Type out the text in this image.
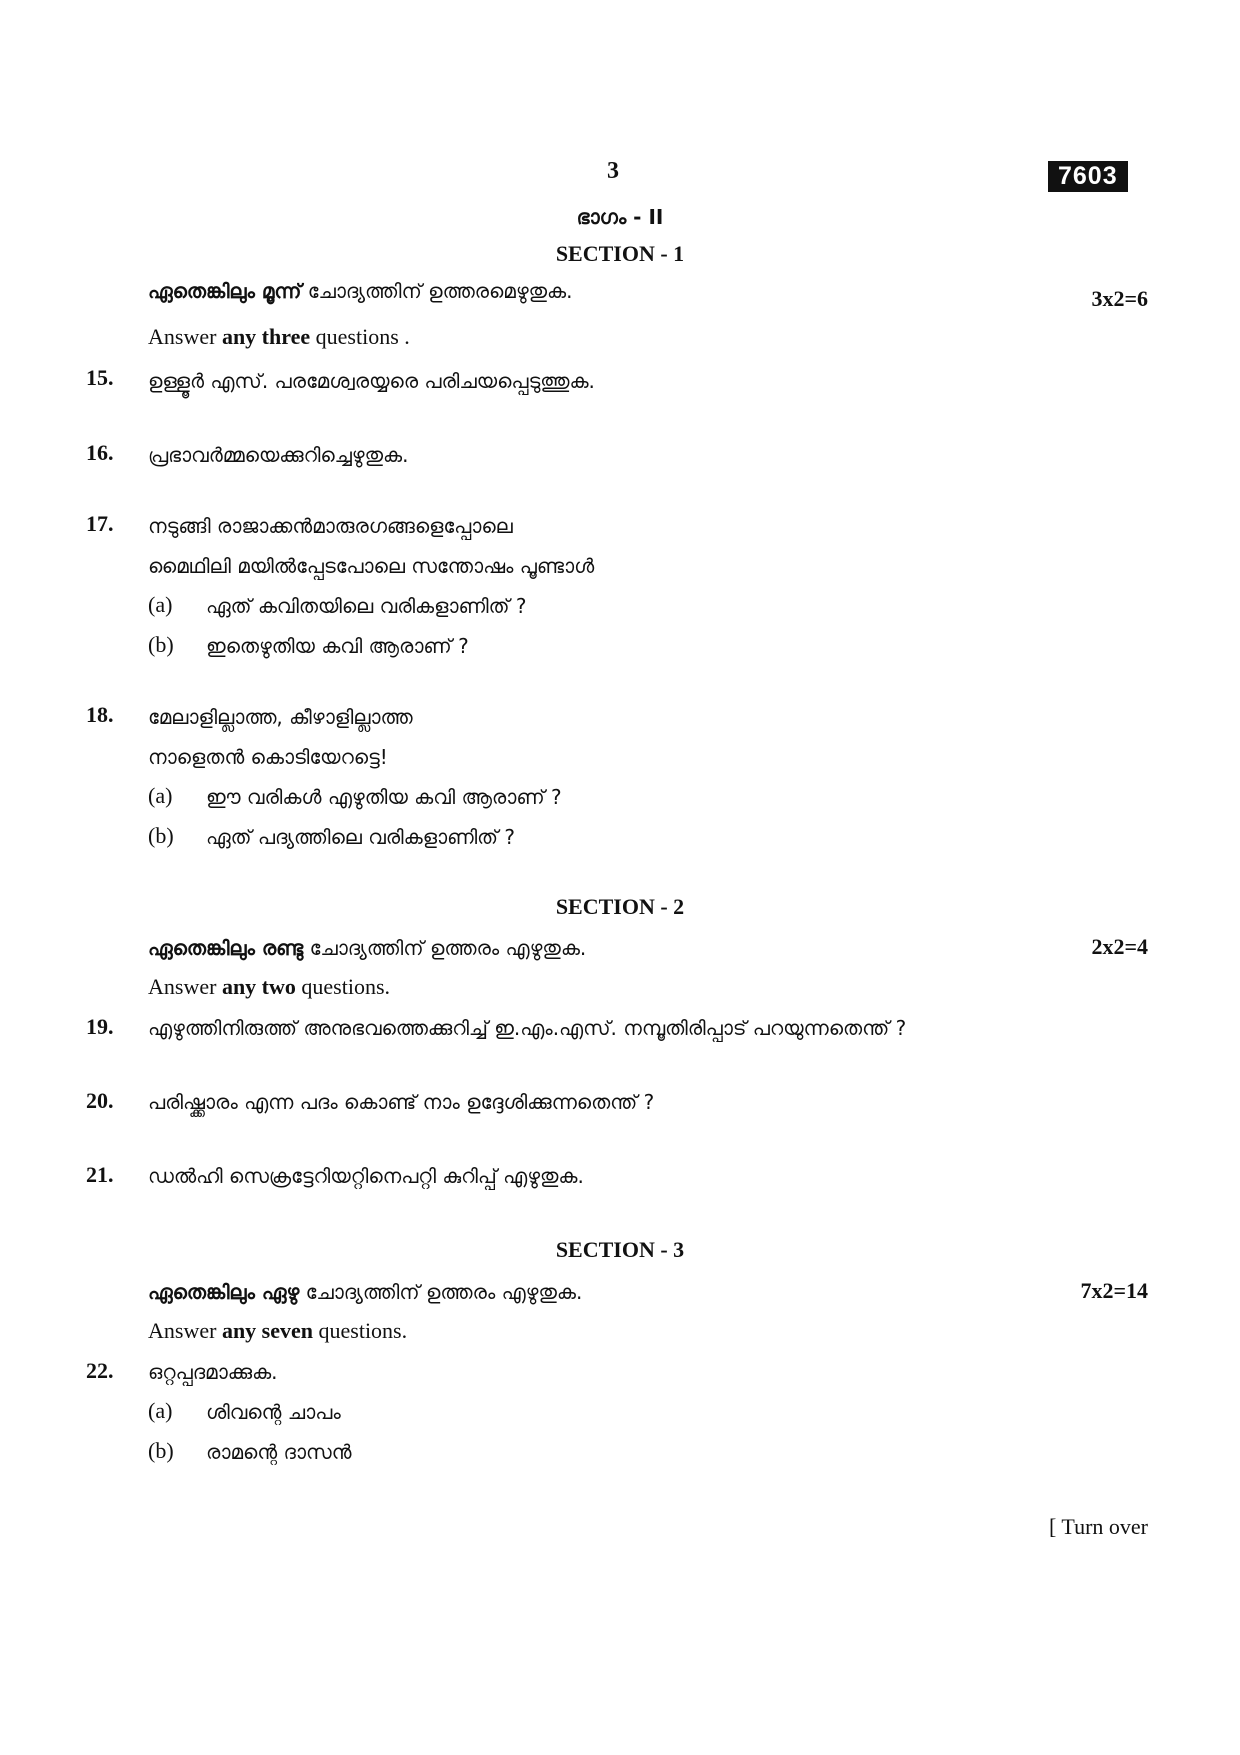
3	7603
ഭാഗം - II
SECTION - 1
ഏതെങ്കിലും മൂന്ന് ചോദ്യത്തിന് ഉത്തരമെഴുതുക.	3x2=6
Answer any three questions .
15. ഉള്ളൂർ എസ്. പരമേശ്വരയ്യരെ പരിചയപ്പെടുത്തുക.
16. പ്രഭാവർമ്മയെക്കുറിച്ചെഴുതുക.
17. നടുങ്ങി രാജാക്കൻമാരുരഗങ്ങളെപ്പോലെ
മൈഥിലി മയിൽപ്പേടപോലെ സന്തോഷം പൂണ്ടാൾ
(a) ഏത് കവിതയിലെ വരികളാണിത് ?
(b) ഇതെഴുതിയ കവി ആരാണ് ?
18. മേലാളില്ലാത്ത, കീഴാളില്ലാത്ത
നാളെതൻ കൊടിയേറട്ടെ!
(a) ഈ വരികൾ എഴുതിയ കവി ആരാണ് ?
(b) ഏത് പദ്യത്തിലെ വരികളാണിത് ?
SECTION - 2
ഏതെങ്കിലും രണ്ടു ചോദ്യത്തിന് ഉത്തരം എഴുതുക.	2x2=4
Answer any two questions.
19. എഴുത്തിനിരുത്ത് അനുഭവത്തെക്കുറിച്ച് ഇ.എം.എസ്. നമ്പൂതിരിപ്പാട് പറയുന്നതെന്ത് ?
20. പരിഷ്ക്കാരം എന്ന പദം കൊണ്ട് നാം ഉദ്ദേശിക്കുന്നതെന്ത് ?
21. ഡൽഹി സെക്രട്ടേറിയറ്റിനെപറ്റി കുറിപ്പ് എഴുതുക.
SECTION - 3
ഏതെങ്കിലും ഏഴു ചോദ്യത്തിന് ഉത്തരം എഴുതുക.	7x2=14
Answer any seven questions.
22. ഒറ്റപ്പദമാക്കുക.
(a) ശിവന്റെ ചാപം
(b) രാമന്റെ ദാസൻ
[ Turn over
